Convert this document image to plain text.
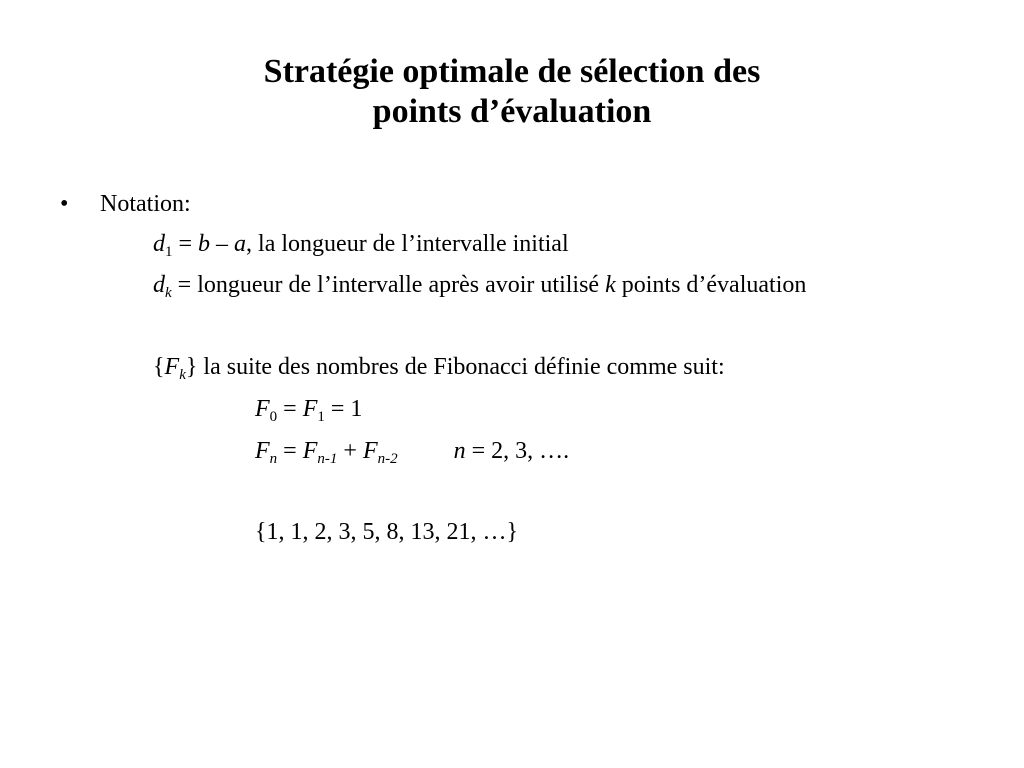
Stratégie optimale de sélection des
points d’évaluation
• Notation:
$d_1 = b - a$, la longueur de l’intervalle initial
$d_k$ = longueur de l’intervalle après avoir utilisé k points d’évaluation
$\{F_k\}$ la suite des nombres de Fibonacci définie comme suit:
$F_0 = F_1 = 1$
$F_n = F_{n-1} + F_{n-2}$ n = 2, 3, ….
{1, 1, 2, 3, 5, 8, 13, 21, …}
